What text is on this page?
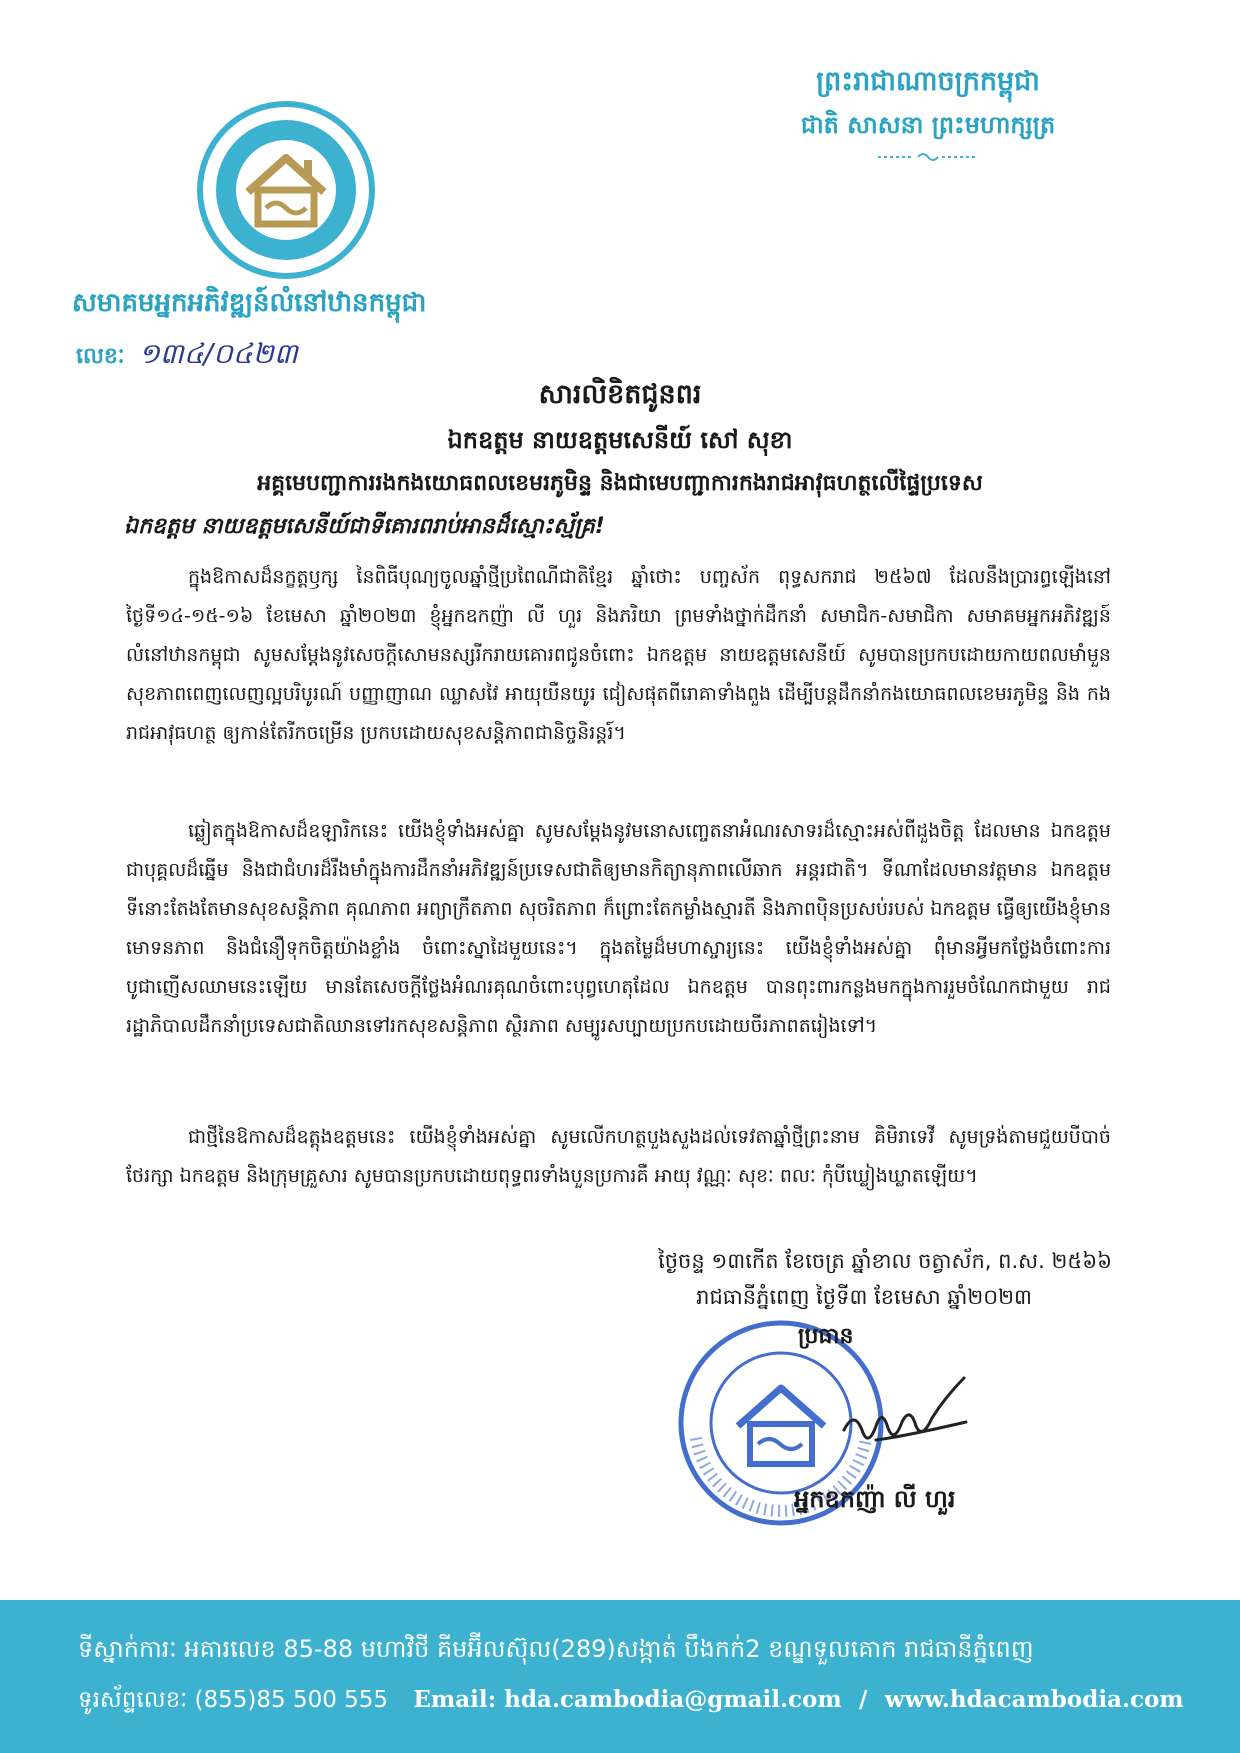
សមាគមអ្នកអភិវឌ្ឍន៍លំនៅឋានកម្ពុជា
លេខៈ ១៣៤/០៤២៣
ព្រះរាជាណាចក្រកម្ពុជា
ជាតិ សាសនា ព្រះមហាក្សត្រ
សារលិខិតជូនពរ
ឯកឧត្តម នាយឧត្តមសេនីយ៍ សៅ សុខា
អគ្គមេបញ្ជាការរងកងយោធពលខេមរភូមិន្ទ និងជាមេបញ្ជាការកងរាជអាវុធហត្ថលើផ្ទៃប្រទេស
ឯកឧត្តម នាយឧត្តមសេនីយ៍ជាទីគោរពរាប់អានដ៏ស្មោះស្ម័គ្រ!
ក្នុងឱកាសដ៏នក្ខត្តឫក្ស នៃពិធីបុណ្យចូលឆ្នាំថ្មីប្រពៃណីជាតិខ្មែរ ឆ្នាំថោះ បញ្ចស័ក ពុទ្ធសករាជ ២៥៦៧ ដែលនឹងប្រារព្ធឡើងនៅថ្ងៃទី១៤-១៥-១៦ ខែមេសា ឆ្នាំ២០២៣ ខ្ញុំអ្នកឧកញ៉ា លី ហួរ និងភរិយា ព្រមទាំងថ្នាក់ដឹកនាំ សមាជិក-សមាជិកា សមាគមអ្នកអភិវឌ្ឍន៍លំនៅឋានកម្ពុជា សូមសម្តែងនូវសេចក្តីសោមនស្សរីករាយគោរពជូនចំពោះ ឯកឧត្តម នាយឧត្តមសេនីយ៍ សូមបានប្រកបដោយកាយពលមាំមួន សុខភាពពេញលេញល្អបរិបូរណ៍ បញ្ញាញាណ ឈ្លាសវៃ អាយុយឺនយូរ ជៀសផុតពីរោគាទាំងពួង ដើម្បីបន្តដឹកនាំកងយោធពលខេមរភូមិន្ទ និង កងរាជអាវុធហត្ថ ឲ្យកាន់តែរីកចម្រើន ប្រកបដោយសុខសន្តិភាពជានិច្ចនិរន្តរ៍។
ឆ្លៀតក្នុងឱកាសដ៏ឧឡារិកនេះ យើងខ្ញុំទាំងអស់គ្នា សូមសម្តែងនូវមនោសញ្ចេតនាអំណរសាទរដ៏ស្មោះអស់ពីដួងចិត្ត ដែលមាន ឯកឧត្តម ជាបុគ្គលដ៏ឆ្នើម និងជាជំហរដ៏រឹងមាំក្នុងការដឹកនាំអភិវឌ្ឍន៍ប្រទេសជាតិឲ្យមានកិត្យានុភាពលើឆាក អន្តរជាតិ។ ទីណាដែលមានវត្តមាន ឯកឧត្តម ទីនោះតែងតែមានសុខសន្តិភាព គុណភាព អព្យាក្រឹតភាព សុចរិតភាព ក៏ព្រោះតែកម្លាំងស្មារតី និងភាពប៉ិនប្រសប់របស់ ឯកឧត្តម ធ្វើឲ្យយើងខ្ញុំមានមោទនភាព និងជំនឿទុកចិត្តយ៉ាងខ្លាំង ចំពោះស្នាដៃមួយនេះ។ ក្នុងតម្លៃដ៏មហាស្ចារ្យនេះ យើងខ្ញុំទាំងអស់គ្នា ពុំមានអ្វីមកថ្លែងចំពោះការបូជាញើសឈាមនេះឡើយ មានតែសេចក្តីថ្លែងអំណរគុណចំពោះបុព្វហេតុដែល ឯកឧត្តម បានពុះពារកន្លងមកក្នុងការរួមចំណែកជាមួយ រាជរដ្ឋាភិបាលដឹកនាំប្រទេសជាតិឈានទៅរកសុខសន្តិភាព ស្ថិរភាព សម្បូរសប្បាយប្រកបដោយចីរភាពតរៀងទៅ។
ជាថ្មីនៃឱកាសដ៏ឧត្តុងឧត្តមនេះ យើងខ្ញុំទាំងអស់គ្នា សូមលើកហត្ថបួងសួងដល់ទេវតាឆ្នាំថ្មីព្រះនាម គិមិរាទេវី សូមទ្រង់តាមជួយបីបាច់ថែរក្សា ឯកឧត្តម និងក្រុមគ្រួសារ សូមបានប្រកបដោយពុទ្ធពរទាំងបួនប្រការគឺ អាយុ វណ្ណៈ សុខៈ ពលៈ កុំបីឃ្លៀងឃ្លាតឡើយ។
ថ្ងៃចន្ទ ១៣កើត ខែចេត្រ ឆ្នាំខាល ចត្វាស័ក, ព.ស. ២៥៦៦
រាជធានីភ្នំពេញ ថ្ងៃទី៣ ខែមេសា ឆ្នាំ២០២៣
ប្រធាន
អ្នកឧកញ៉ា លី ហួរ
ទីស្នាក់ការៈ អគារលេខ 85-88 មហាវិថី គីមអ៊ីលស៊ុល(289)សង្កាត់ បឹងកក់2 ខណ្ឌទួលគោក រាជធានីភ្នំពេញ
ទូរស័ព្ទលេខៈ (855)85 500 555 Email: hda.cambodia@gmail.com / www.hdacambodia.com
